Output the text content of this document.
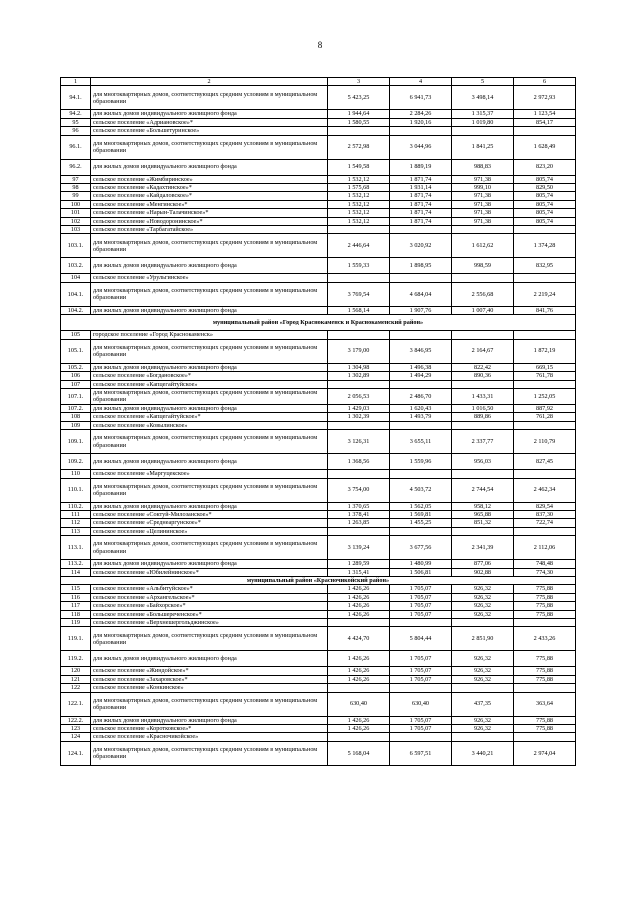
8
1	2	3	4	5	6
94.1.	для многоквартирных домов, соответствующих средним условиям в муниципальном образовании	5 423,25	6 941,73	3 498,14	2 972,93
94.2.	для жилых домов индивидуального жилищного фонда	1 944,64	2 284,26	1 315,37	1 123,54
95	сельское поселение «Адриановское»*	1 580,55	1 920,16	1 019,80	854,17
96	сельское поселение «Большетуринское»				
96.1.	для многоквартирных домов, соответствующих средним условиям в муниципальном образовании	2 572,98	3 044,96	1 841,25	1 628,49
96.2.	для жилых домов индивидуального жилищного фонда	1 549,58	1 889,19	988,83	823,20
97	сельское поселение «Жимбиринское»	1 532,12	1 871,74	971,38	805,74
98	сельское поселение «Кадахтинское»*	1 575,68	1 931,14	999,10	829,50
99	сельское поселение «Кайдаловское»*	1 532,12	1 871,74	971,38	805,74
100	сельское поселение «Менгинское»*	1 532,12	1 871,74	971,38	805,74
101	сельское поселение «Нарын-Талачинское»*	1 532,12	1 871,74	971,38	805,74
102	сельское поселение «Новодоронинское»*	1 532,12	1 871,74	971,38	805,74
103	сельское поселение «Тарбагатайское»				
103.1.	для многоквартирных домов, соответствующих средним условиям в муниципальном образовании	2 446,64	3 020,92	1 612,62	1 374,28
103.2.	для жилых домов индивидуального жилищного фонда	1 559,33	1 898,95	998,59	832,95
104	сельское поселение «Урульгинское»				
104.1.	для многоквартирных домов, соответствующих средним условиям в муниципальном образовании	3 769,54	4 684,04	2 556,68	2 219,24
104.2.	для жилых домов индивидуального жилищного фонда	1 568,14	1 907,76	1 007,40	841,76
муниципальный район «Город Краснокаменск и Краснокаменский район»					
105	городское поселение «Город Краснокаменск»				
105.1.	для многоквартирных домов, соответствующих средним условиям в муниципальном образовании	3 179,00	3 846,95	2 164,67	1 872,19
105.2.	для жилых домов индивидуального жилищного фонда	1 304,98	1 496,38	822,42	669,15
106	сельское поселение «Богдановское»*	1 302,89	1 494,29	890,36	761,78
107	сельское поселение «Капцегайтуйское»				
107.1.	для многоквартирных домов, соответствующих средним условиям в муниципальном образовании	2 056,53	2 486,70	1 433,31	1 252,05
107.2.	для жилых домов индивидуального жилищного фонда	1 429,03	1 620,43	1 016,50	887,92
108	сельское поселение «Капцегайтуйское»*	1 302,39	1 493,79	889,86	761,28
109	сельское поселение «Ковылинское»				
109.1.	для многоквартирных домов, соответствующих средним условиям в муниципальном образовании	3 126,31	3 655,11	2 337,77	2 110,79
109.2.	для жилых домов индивидуального жилищного фонда	1 368,56	1 559,96	956,03	827,45
110	сельское поселение «Маргуцекское»				
110.1.	для многоквартирных домов, соответствующих средним условиям в муниципальном образовании	3 754,00	4 503,72	2 744,54	2 462,34
110.2.	для жилых домов индивидуального жилищного фонда	1 370,65	1 562,05	958,12	829,54
111	сельское поселение «Соктуй-Милозанское»*	1 378,41	1 569,81	965,88	837,30
112	сельское поселение «Среднеаргунское»*	1 263,85	1 455,25	851,32	722,74
113	сельское поселение «Целининское»				
113.1.	для многоквартирных домов, соответствующих средним условиям в муниципальном образовании	3 139,24	3 677,56	2 341,39	2 112,06
113.2.	для жилых домов индивидуального жилищного фонда	1 289,59	1 480,99	877,06	748,48
114	сельское поселение «Юбилейнинское»*	1 315,41	1 506,81	902,88	774,30
муниципальный район «Красночикойский район»					
115	сельское поселение «Альбитуйское»*	1 426,26	1 705,07	926,32	775,88
116	сельское поселение «Архангельское»*	1 426,26	1 705,07	926,32	775,88
117	сельское поселение «Байхорское»*	1 426,26	1 705,07	926,32	775,88
118	сельское поселение «Большереченское»*	1 426,26	1 705,07	926,32	775,88
119	сельское поселение «Верхнешергольджинское»				
119.1.	для многоквартирных домов, соответствующих средним условиям в муниципальном образовании	4 424,70	5 804,44	2 851,90	2 433,26
119.2.	для жилых домов индивидуального жилищного фонда	1 426,26	1 705,07	926,32	775,88
120	сельское поселение «Жиндойское»*	1 426,26	1 705,07	926,32	775,88
121	сельское поселение «Захаровское»*	1 426,26	1 705,07	926,32	775,88
122	сельское поселение «Конкинское»				
122.1.	для многоквартирных домов, соответствующих средним условиям в муниципальном образовании	630,40	630,40	437,35	363,64
122.2.	для жилых домов индивидуального жилищного фонда	1 426,26	1 705,07	926,32	775,88
123	сельское поселение «Коротковское»*	1 426,26	1 705,07	926,32	775,88
124	сельское поселение «Красночикойское»				
124.1.	для многоквартирных домов, соответствующих средним условиям в муниципальном образовании	5 168,04	6 597,51	3 440,21	2 974,04
